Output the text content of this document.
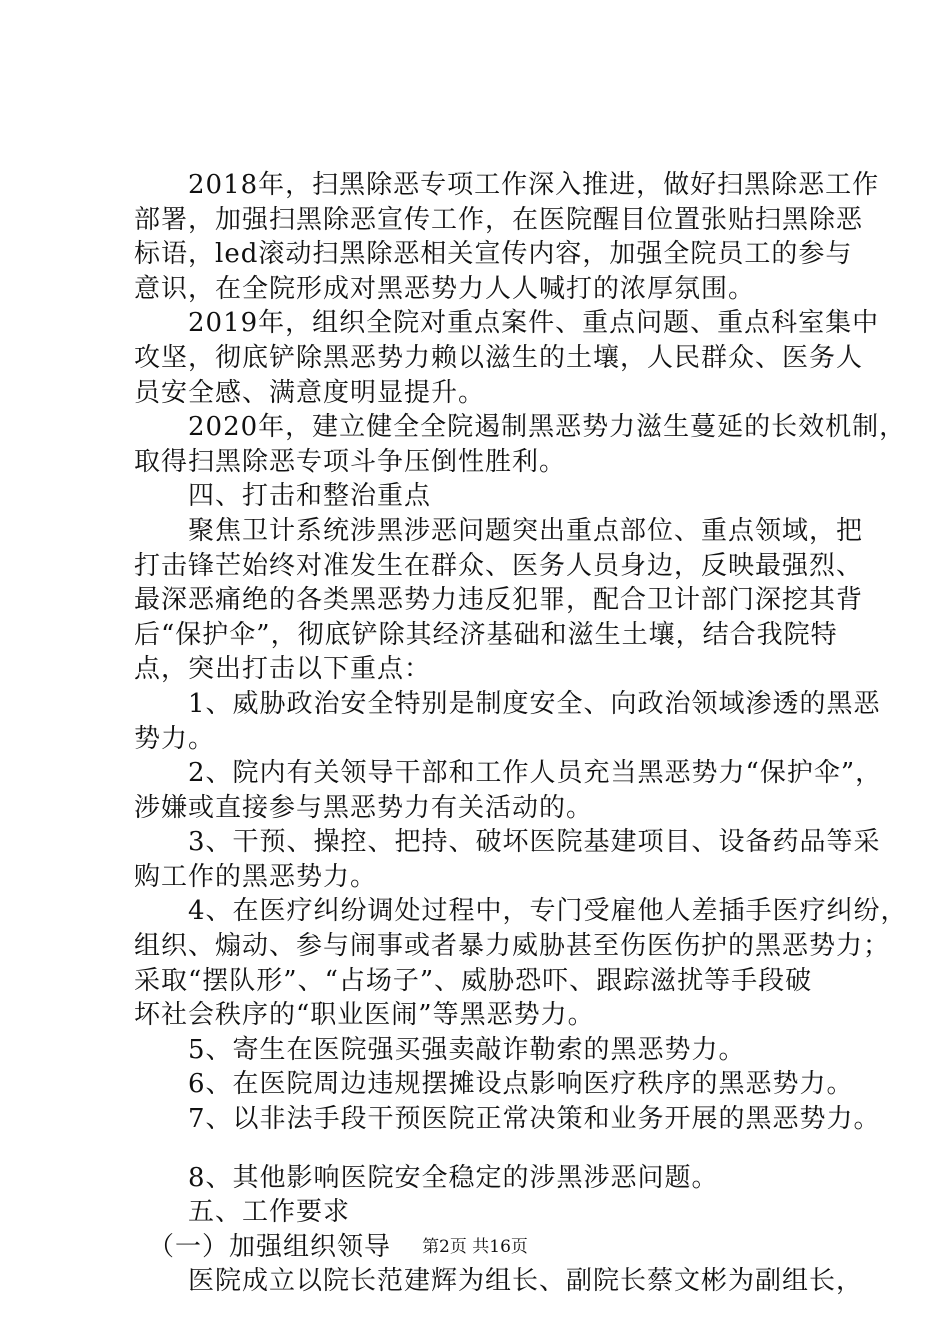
　　2018年，扫黑除恶专项工作深入推进，做好扫黑除恶工作
部署，加强扫黑除恶宣传工作，在医院醒目位置张贴扫黑除恶
标语，led滚动扫黑除恶相关宣传内容，加强全院员工的参与
意识，在全院形成对黑恶势力人人喊打的浓厚氛围。
　　2019年，组织全院对重点案件、重点问题、重点科室集中
攻坚，彻底铲除黑恶势力赖以滋生的土壤，人民群众、医务人
员安全感、满意度明显提升。
　　2020年，建立健全全院遏制黑恶势力滋生蔓延的长效机制，
取得扫黑除恶专项斗争压倒性胜利。
　　四、打击和整治重点
　　聚焦卫计系统涉黑涉恶问题突出重点部位、重点领域，把
打击锋芒始终对准发生在群众、医务人员身边，反映最强烈、
最深恶痛绝的各类黑恶势力违反犯罪，配合卫计部门深挖其背
后“保护伞”，彻底铲除其经济基础和滋生土壤，结合我院特
点，突出打击以下重点：
　　1、威胁政治安全特别是制度安全、向政治领域渗透的黑恶
势力。
　　2、院内有关领导干部和工作人员充当黑恶势力“保护伞”，
涉嫌或直接参与黑恶势力有关活动的。
　　3、干预、操控、把持、破坏医院基建项目、设备药品等采
购工作的黑恶势力。
　　4、在医疗纠纷调处过程中，专门受雇他人差插手医疗纠纷，
组织、煽动、参与闹事或者暴力威胁甚至伤医伤护的黑恶势力；
采取“摆队形”、“占场子”、威胁恐吓、跟踪滋扰等手段破
坏社会秩序的“职业医闹”等黑恶势力。
　　5、寄生在医院强买强卖敲诈勒索的黑恶势力。
　　6、在医院周边违规摆摊设点影响医疗秩序的黑恶势力。
　　7、以非法手段干预医院正常决策和业务开展的黑恶势力。
　　8、其他影响医院安全稳定的涉黑涉恶问题。
　　五、工作要求
　（一）加强组织领导
　　医院成立以院长范建辉为组长、副院长蔡文彬为副组长，
第2页 共16页
